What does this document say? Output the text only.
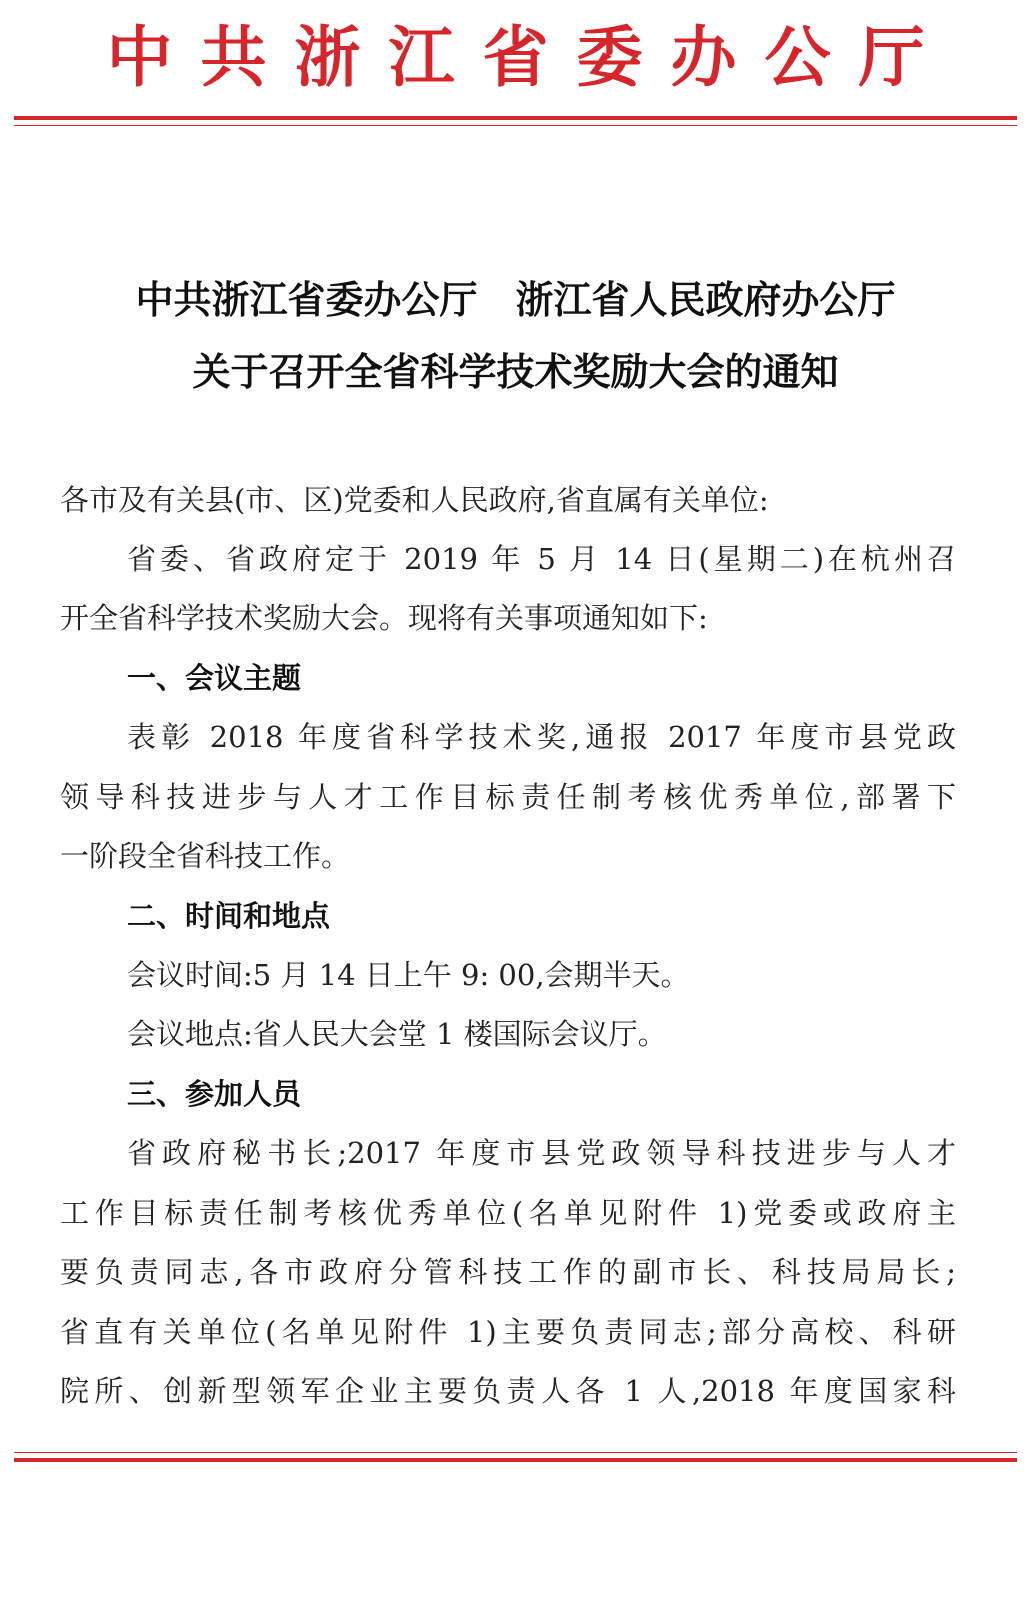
中共浙江省委办公厅
中共浙江省委办公厅　浙江省人民政府办公厅
关于召开全省科学技术奖励大会的通知
各市及有关县(市、区)党委和人民政府,省直属有关单位:
省委、省政府定于 2019 年 5 月 14 日(星期二)在杭州召
开全省科学技术奖励大会。现将有关事项通知如下:
一、会议主题
表彰 2018 年度省科学技术奖,通报 2017 年度市县党政
领导科技进步与人才工作目标责任制考核优秀单位,部署下
一阶段全省科技工作。
二、时间和地点
会议时间:5 月 14 日上午 9: 00,会期半天。
会议地点:省人民大会堂 1 楼国际会议厅。
三、参加人员
省政府秘书长;2017 年度市县党政领导科技进步与人才
工作目标责任制考核优秀单位(名单见附件 1)党委或政府主
要负责同志,各市政府分管科技工作的副市长、科技局局长;
省直有关单位(名单见附件 1)主要负责同志;部分高校、科研
院所、创新型领军企业主要负责人各 1 人,2018 年度国家科
